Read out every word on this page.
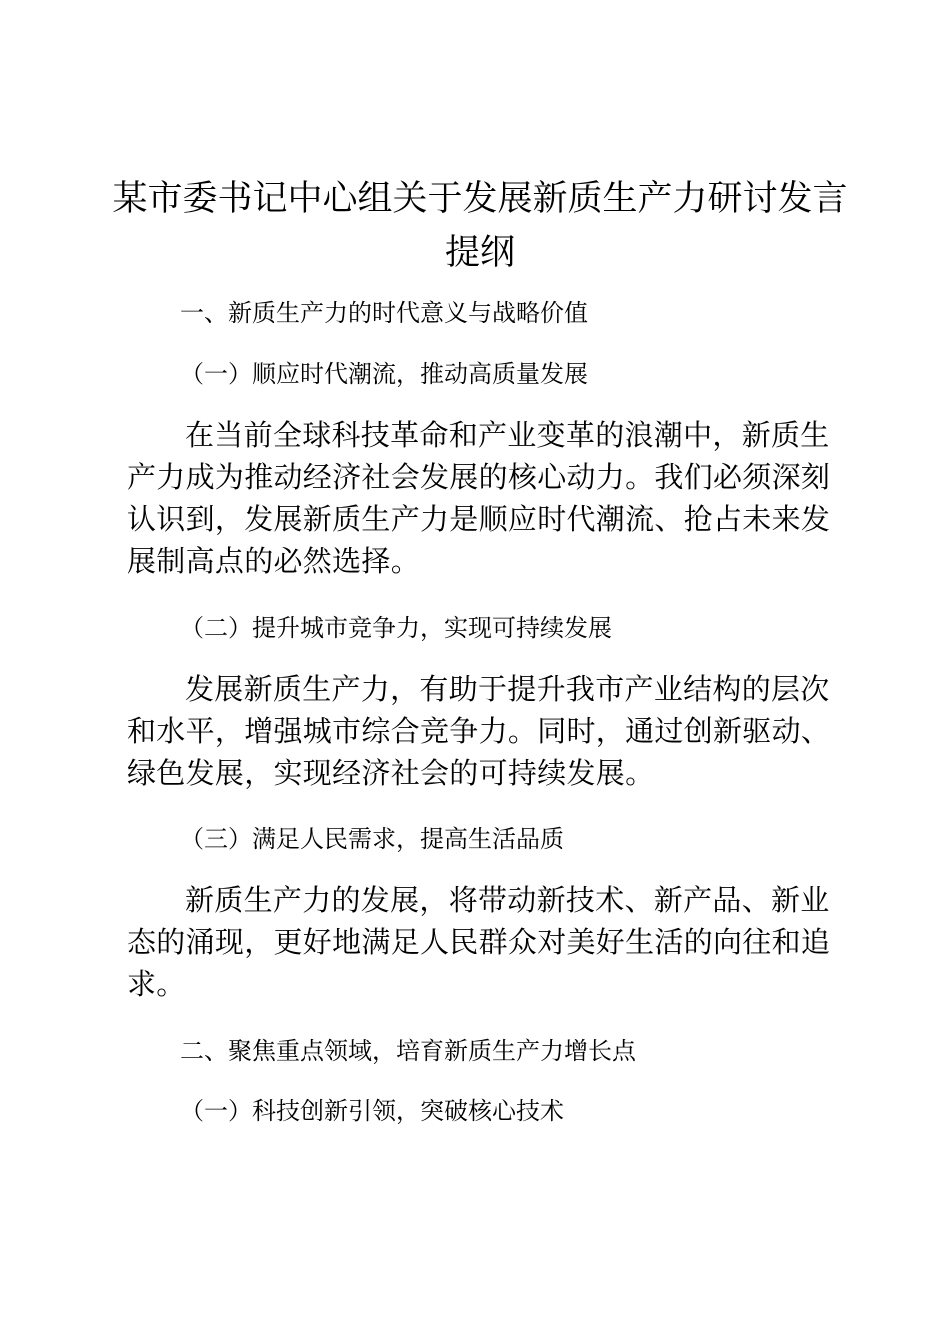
某市委书记中心组关于发展新质生产力研讨发言提纲
一、新质生产力的时代意义与战略价值
（一）顺应时代潮流，推动高质量发展

在当前全球科技革命和产业变革的浪潮中，新质生产力成为推动经济社会发展的核心动力。我们必须深刻认识到，发展新质生产力是顺应时代潮流、抢占未来发展制高点的必然选择。

（二）提升城市竞争力，实现可持续发展

发展新质生产力，有助于提升我市产业结构的层次和水平，增强城市综合竞争力。同时，通过创新驱动、绿色发展，实现经济社会的可持续发展。

（三）满足人民需求，提高生活品质

新质生产力的发展，将带动新技术、新产品、新业态的涌现，更好地满足人民群众对美好生活的向往和追求。

二、聚焦重点领域，培育新质生产力增长点
（一）科技创新引领，突破核心技术
